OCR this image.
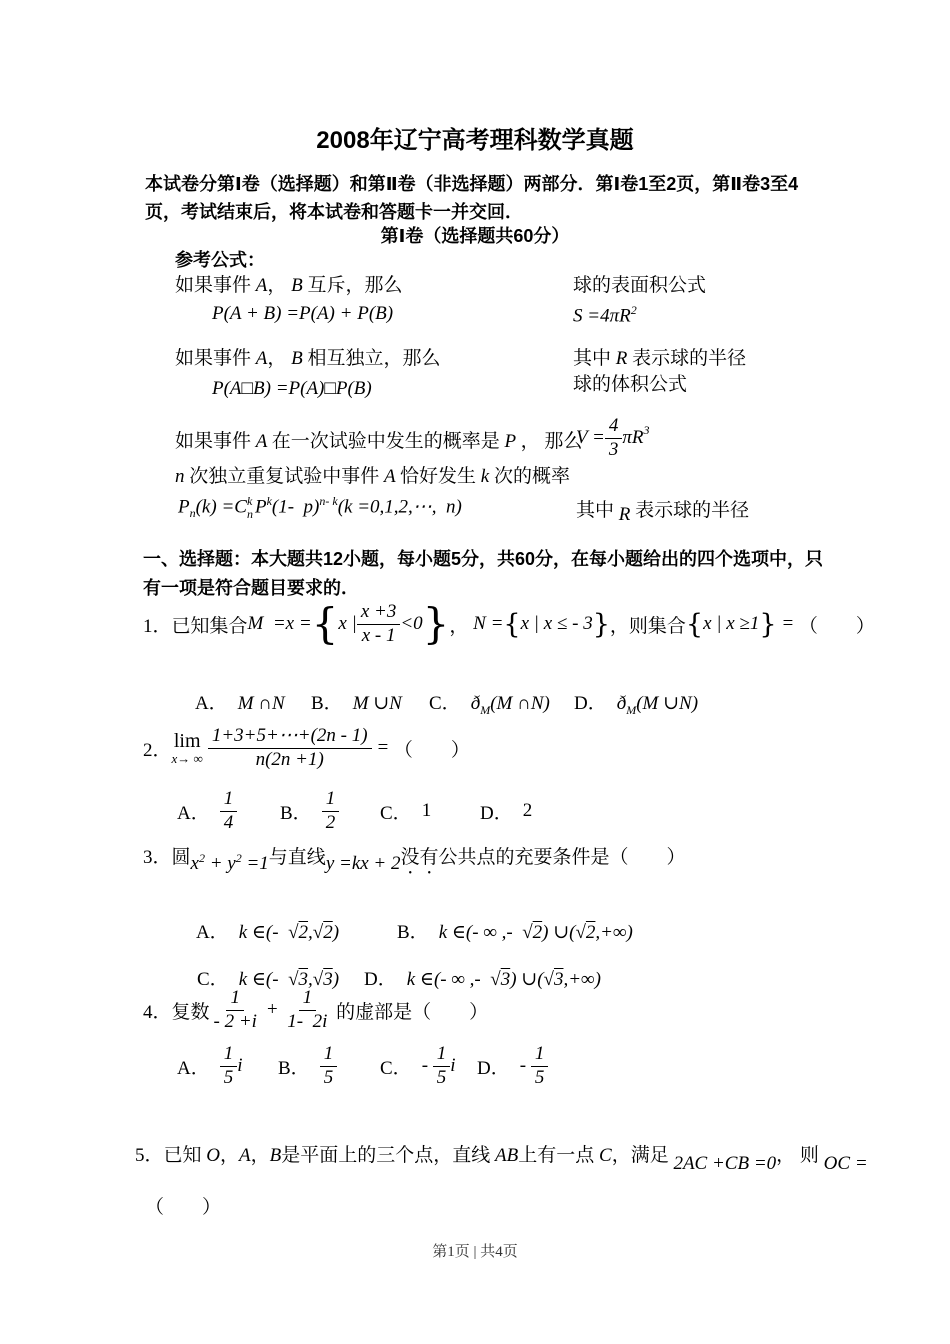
2008年辽宁高考理科数学真题
本试卷分第Ⅰ卷（选择题）和第Ⅱ卷（非选择题）两部分．第Ⅰ卷1至2页，第Ⅱ卷3至4
页，考试结束后，将本试卷和答题卡一并交回．
第Ⅰ卷（选择题共60分）
参考公式：
如果事件 A， B 互斥，那么
P(A + B) =P(A) + P(B)
如果事件 A， B 相互独立，那么
P(A□B) =P(A)□P(B)
如果事件 A 在一次试验中发生的概率是 P ， 那么
n 次独立重复试验中事件 A 恰好发生 k 次的概率
$P_n(k) =C$ k
n $P^k(1-$  p)$^{n- k}$(k =0,1,2,⋯,  n)
球的表面积公式
$S =4\pi R^2$
其中 R 表示球的半径
球的体积公式
$V = \frac{4}{3} \pi R^3$
其中 R 表示球的半径
一、选择题：本大题共12小题，每小题5分，共60分，在每小题给出的四个选项中，只
有一项是符合题目要求的．
1．已知集合 M  =x = { x | $\frac{x +3}{x - 1} <0$ } ， N = { x | x ≤ - 3 } ，则集合 { x | x ≥1 } = （　　）

A． M ∩N
	B． M ∪N
	C． $ð_M(M$ ∩N)
	D． $ð_M(M$ ∪N)

2． lim
x→ ∞ $\frac{1+3+5+\cdots+(2n - 1)}{n(2n +1)}$ = （　　）
A． $\frac{1}{4}$ B． $\frac{1}{2}$ C． 1	D． 2
3．圆$x^2 + y^2 =1$与直线y =kx + 2没有公共点的充要条件是（　　）

A． k ∈(-  √2,√2)
	B． k ∈(- ∞ ,-  √2) ∪(√2,+∞)

C． k ∈(-  √3,√3)
	D． k ∈(- ∞ ,-  √3) ∪(√3,+∞)

4．复数 $\frac{1}{- 2 +i} + \frac{1}{1- 2i}$ 的虚部是（　　）
A． $\frac{1}{5}$ i B． $\frac{1}{5}$ C． - $\frac{1}{5}$ i D． - $\frac{1}{5}$
5．已知 O，A，B是平面上的三个点，直线 AB上有一点 C，满足 2AC +CB =0， 则 OC =
（　　）
第1页 | 共4页
